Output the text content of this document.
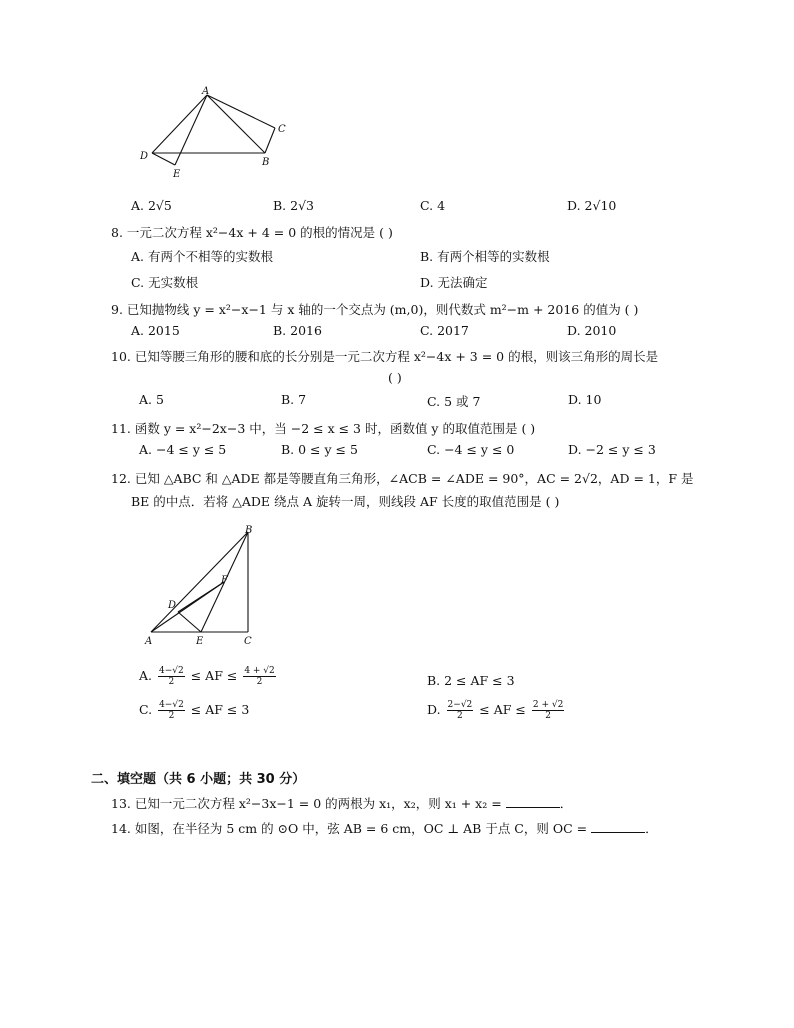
A
C
D
B
E
A. 2√5	B. 2√3	C. 4	D. 2√10
8. 一元二次方程 x²−4x + 4 = 0 的根的情况是 ( )
A. 有两个不相等的实数根	B. 有两个相等的实数根
C. 无实数根	D. 无法确定
9. 已知抛物线 y = x²−x−1 与 x 轴的一个交点为 (m,0)，则代数式 m²−m + 2016 的值为 ( )
A. 2015	B. 2016	C. 2017	D. 2010
10. 已知等腰三角形的腰和底的长分别是一元二次方程 x²−4x + 3 = 0 的根，则该三角形的周长是
( )
A. 5	B. 7	C. 5 或 7	D. 10
11. 函数 y = x²−2x−3 中，当 −2 ≤ x ≤ 3 时，函数值 y 的取值范围是 ( )
A. −4 ≤ y ≤ 5	B. 0 ≤ y ≤ 5	C. −4 ≤ y ≤ 0	D. −2 ≤ y ≤ 3
12. 已知 △ABC 和 △ADE 都是等腰直角三角形，∠ACB = ∠ADE = 90°，AC = 2√2，AD = 1，F 是
BE 的中点．若将 △ADE 绕点 A 旋转一周，则线段 AF 长度的取值范围是 ( )
B
F
D
A	E	C
A. $\frac{4-√2}{2}$ ≤ AF ≤ $\frac{4 + √2}{2}$	B. 2 ≤ AF ≤ 3
C. $\frac{4-√2}{2}$ ≤ AF ≤ 3	D. $\frac{2-√2}{2}$ ≤ AF ≤ $\frac{2 + √2}{2}$
二、填空题（共 6 小题；共 30 分）
13. 已知一元二次方程 x²−3x−1 = 0 的两根为 x₁，x₂，则 x₁ + x₂ =	．
14. 如图，在半径为 5 cm 的 ⊙O 中，弦 AB = 6 cm，OC ⊥ AB 于点 C，则 OC =	．
